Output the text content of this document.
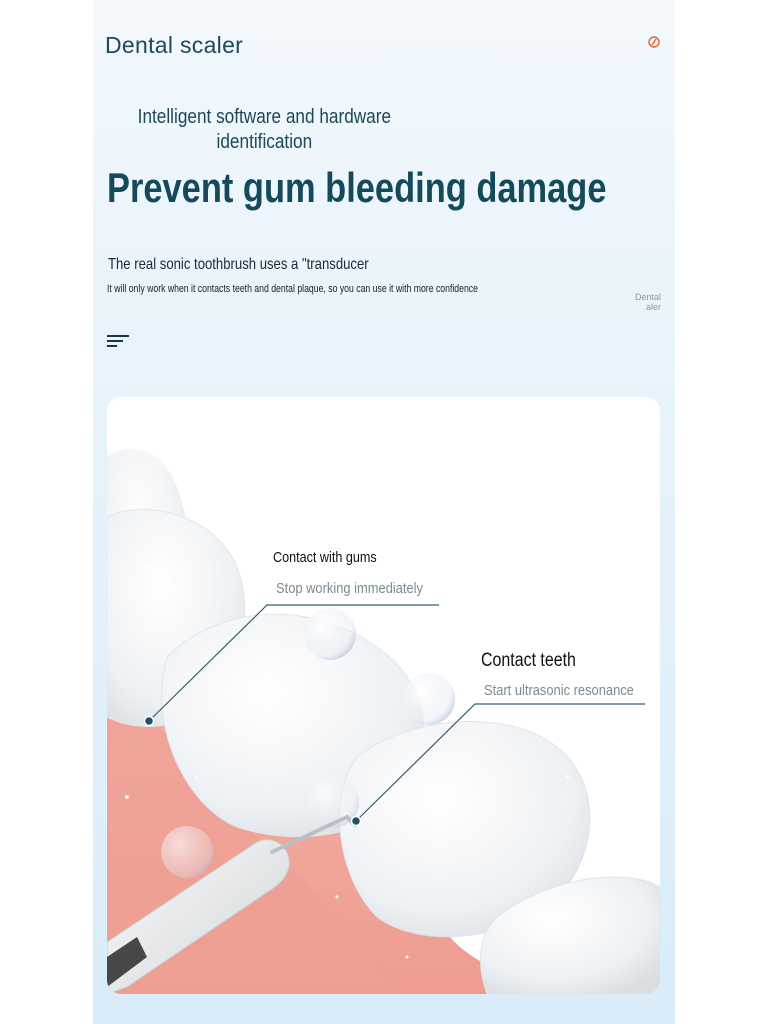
Dental scaler
Intelligent software and hardware
identification
Prevent gum bleeding damage
The real sonic toothbrush uses a "transducer
It will only work when it contacts teeth and dental plaque, so you can use it with more confidence
Dental
aler
Contact with gums
Stop working immediately
Contact teeth
Start ultrasonic resonance
